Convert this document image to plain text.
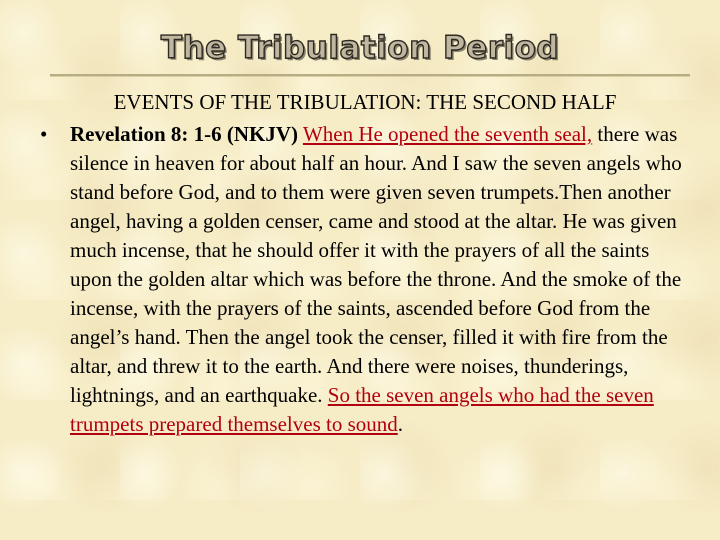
The Tribulation Period
EVENTS OF THE TRIBULATION: THE SECOND HALF
• Revelation 8: 1-6 (NKJV) When He opened the seventh seal, there was silence in heaven for about half an hour. And I saw the seven angels who stand before God, and to them were given seven trumpets.Then another angel, having a golden censer, came and stood at the altar. He was given much incense, that he should offer it with the prayers of all the saints upon the golden altar which was before the throne. And the smoke of the incense, with the prayers of the saints, ascended before God from the angel’s hand. Then the angel took the censer, filled it with fire from the altar, and threw it to the earth. And there were noises, thunderings, lightnings, and an earthquake. So the seven angels who had the seven trumpets prepared themselves to sound.
